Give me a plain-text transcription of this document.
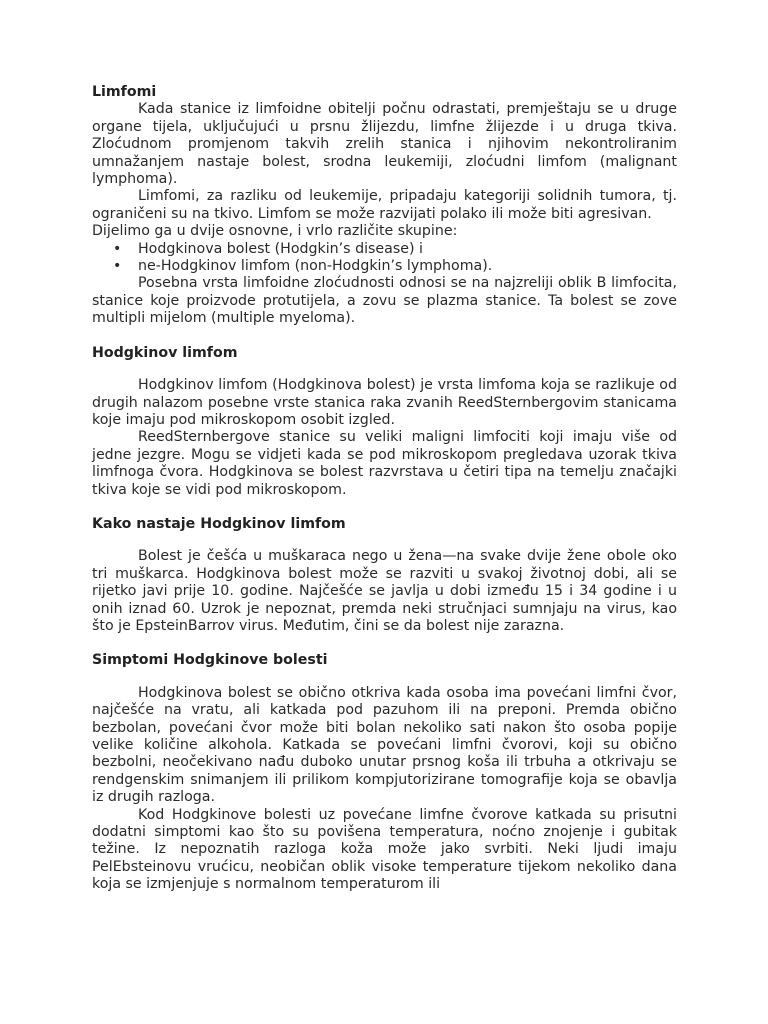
Limfomi

Kada stanice iz limfoidne obitelji počnu odrastati, premještaju se u druge organe tijela, uključujući u prsnu žlijezdu, limfne žlijezde i u druga tkiva. Zloćudnom promjenom takvih zrelih stanica i njihovim nekontroliranim umnažanjem nastaje bolest, srodna leukemiji, zloćudni limfom (malignant lymphoma).

Limfomi, za razliku od leukemije, pripadaju kategoriji solidnih tumora, tj. ograničeni su na tkivo. Limfom se može razvijati polako ili može biti agresivan.

Dijelimo ga u dvije osnovne, i vrlo različite skupine:

• Hodgkinova bolest (Hodgkin’s disease) i
• ne-Hodgkinov limfom (non-Hodgkin’s lymphoma).

Posebna vrsta limfoidne zloćudnosti odnosi se na najzreliji oblik B limfocita, stanice koje proizvode protutijela, a zovu se plazma stanice. Ta bolest se zove multipli mijelom (multiple myeloma).

Hodgkinov limfom

Hodgkinov limfom (Hodgkinova bolest) je vrsta limfoma koja se razlikuje od drugih nalazom posebne vrste stanica raka zvanih ReedSternbergovim stanicama koje imaju pod mikroskopom osobit izgled.

ReedSternbergove stanice su veliki maligni limfociti koji imaju više od jedne jezgre. Mogu se vidjeti kada se pod mikroskopom pregledava uzorak tkiva limfnoga čvora. Hodgkinova se bolest razvrstava u četiri tipa na temelju značajki tkiva koje se vidi pod mikroskopom.

Kako nastaje Hodgkinov limfom

Bolest je češća u muškaraca nego u žena—na svake dvije žene obole oko tri muškarca. Hodgkinova bolest može se razviti u svakoj životnoj dobi, ali se rijetko javi prije 10. godine. Najčešće se javlja u dobi između 15 i 34 godine i u onih iznad 60. Uzrok je nepoznat, premda neki stručnjaci sumnjaju na virus, kao što je EpsteinBarrov virus. Međutim, čini se da bolest nije zarazna.

Simptomi Hodgkinove bolesti

Hodgkinova bolest se obično otkriva kada osoba ima povećani limfni čvor, najčešće na vratu, ali katkada pod pazuhom ili na preponi. Premda obično bezbolan, povećani čvor može biti bolan nekoliko sati nakon što osoba popije velike količine alkohola. Katkada se povećani limfni čvorovi, koji su obično bezbolni, neočekivano nađu duboko unutar prsnog koša ili trbuha a otkrivaju se rendgenskim snimanjem ili prilikom kompjutorizirane tomografije koja se obavlja iz drugih razloga.

Kod Hodgkinove bolesti uz povećane limfne čvorove katkada su prisutni dodatni simptomi kao što su povišena temperatura, noćno znojenje i gubitak težine. Iz nepoznatih razloga koža može jako svrbiti. Neki ljudi imaju PelEbsteinovu vrućicu, neobičan oblik visoke temperature tijekom nekoliko dana koja se izmjenjuje s normalnom temperaturom ili
